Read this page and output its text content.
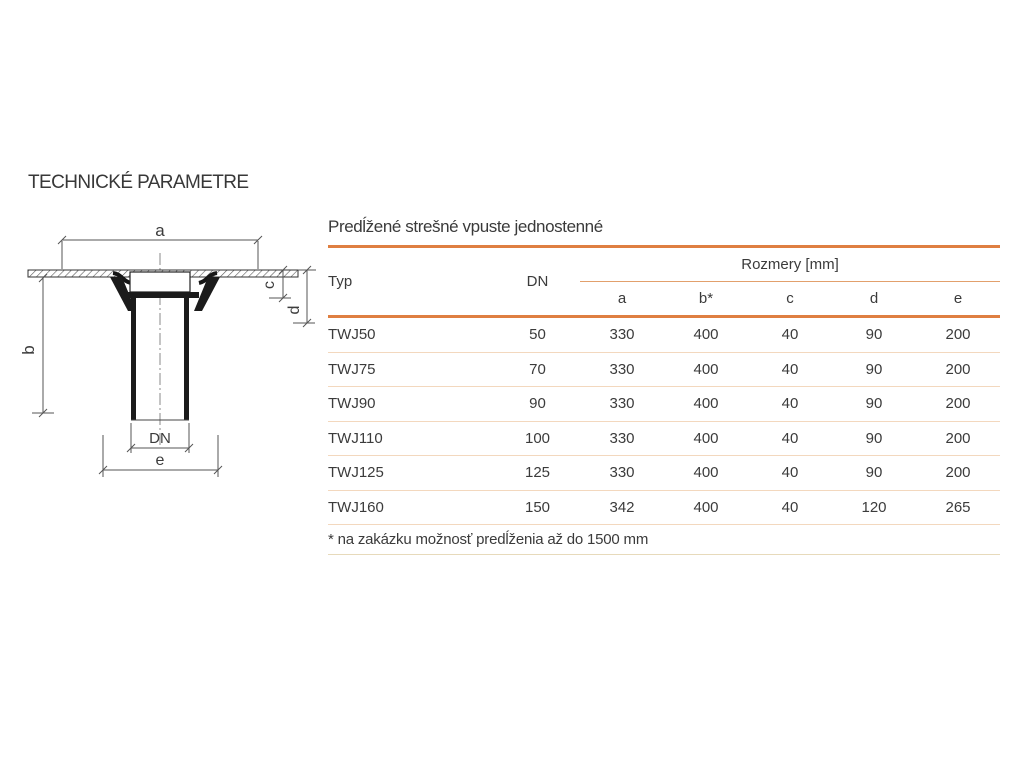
TECHNICKÉ PARAMETRE
a
b
c
d
DN
e
Predĺžené strešné vpuste jednostenné
Typ	DN
Rozmery [mm]
a	b*	c	d	e
TWJ50	50	330	400	40	90	200
TWJ75	70	330	400	40	90	200
TWJ90	90	330	400	40	90	200
TWJ110	100	330	400	40	90	200
TWJ125	125	330	400	40	90	200
TWJ160	150	342	400	40	120	265
* na zakázku možnosť predĺženia až do 1500 mm
